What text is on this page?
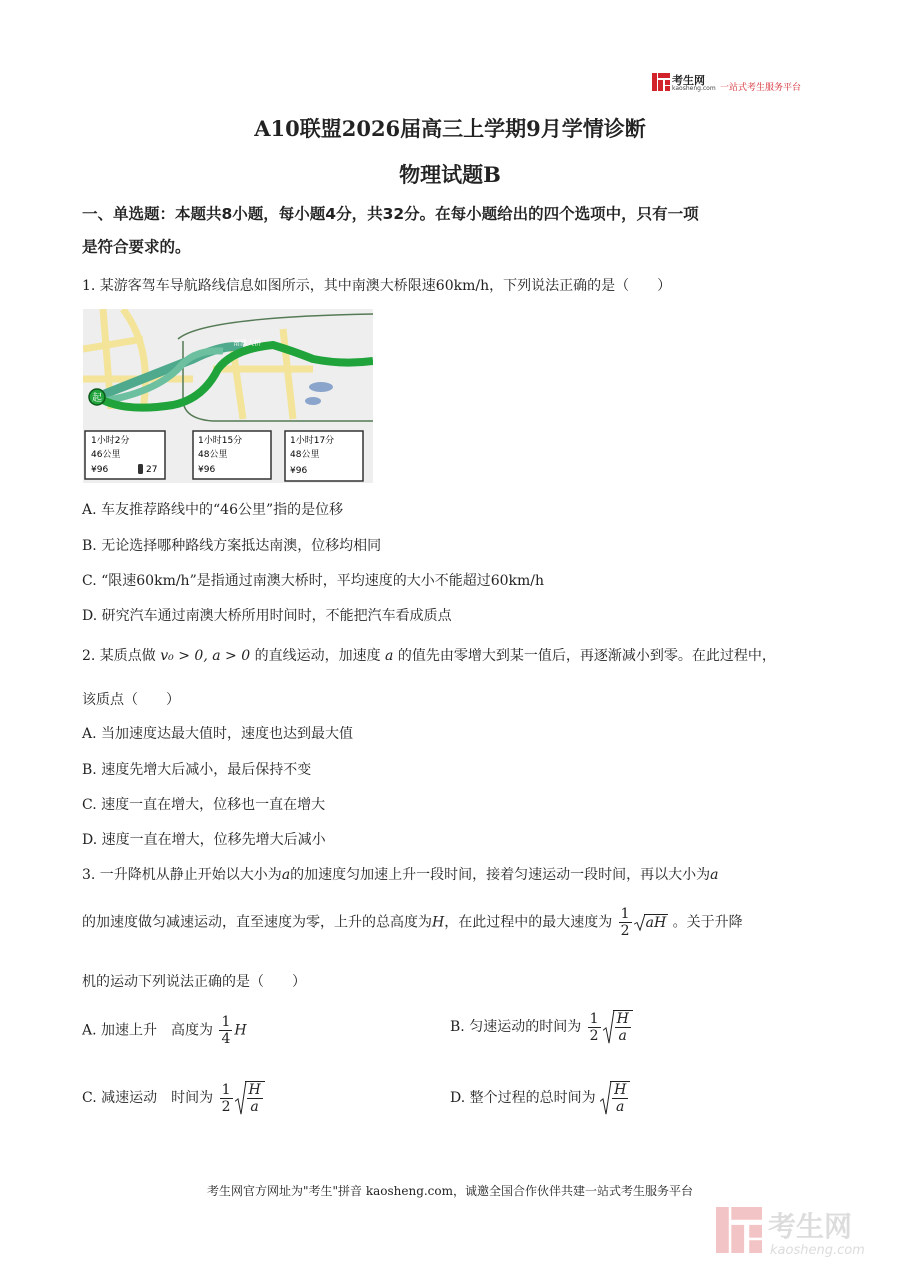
考生网
kaosheng.com 一站式考生服务平台
A10联盟2026届高三上学期9月学情诊断
物理试题B
一、单选题：本题共8小题，每小题4分，共32分。在每小题给出的四个选项中，只有一项
是符合要求的。
1. 某游客驾车导航路线信息如图所示，其中南澳大桥限速60km/h，下列说法正确的是（　　）
起
南澳大桥
1小时2分
46公里
¥96	27
1小时15分
48公里
¥96
1小时17分
48公里
¥96
A. 车友推荐路线中的“46公里”指的是位移
B. 无论选择哪种路线方案抵达南澳，位移均相同
C. “限速60km/h”是指通过南澳大桥时，平均速度的大小不能超过60km/h
D. 研究汽车通过南澳大桥所用时间时，不能把汽车看成质点
2. 某质点做 v₀ > 0, a > 0 的直线运动，加速度 a 的值先由零增大到某一值后，再逐渐减小到零。在此过程中，
该质点（　　）
A. 当加速度达最大值时，速度也达到最大值
B. 速度先增大后减小，最后保持不变
C. 速度一直在增大，位移也一直在增大
D. 速度一直在增大，位移先增大后减小
3. 一升降机从静止开始以大小为a的加速度匀加速上升一段时间，接着匀速运动一段时间，再以大小为a
的加速度做匀减速运动，直至速度为零，上升的总高度为H，在此过程中的最大速度为 $\frac{1}{2}$ aH 。关于升降
机的运动下列说法正确的是（　　）
A. 加速上升　高度为 $\frac{1}{4}$ H	B. 匀速运动的时间为 $\frac{1}{2} \frac{H}{a}$
C. 减速运动　时间为 $\frac{1}{2} \frac{H}{a}$	D. 整个过程的总时间为 $\frac{H}{a}$
考生网官方网址为"考生"拼音 kaosheng.com，诚邀全国合作伙伴共建一站式考生服务平台
考生网
kaosheng.com
